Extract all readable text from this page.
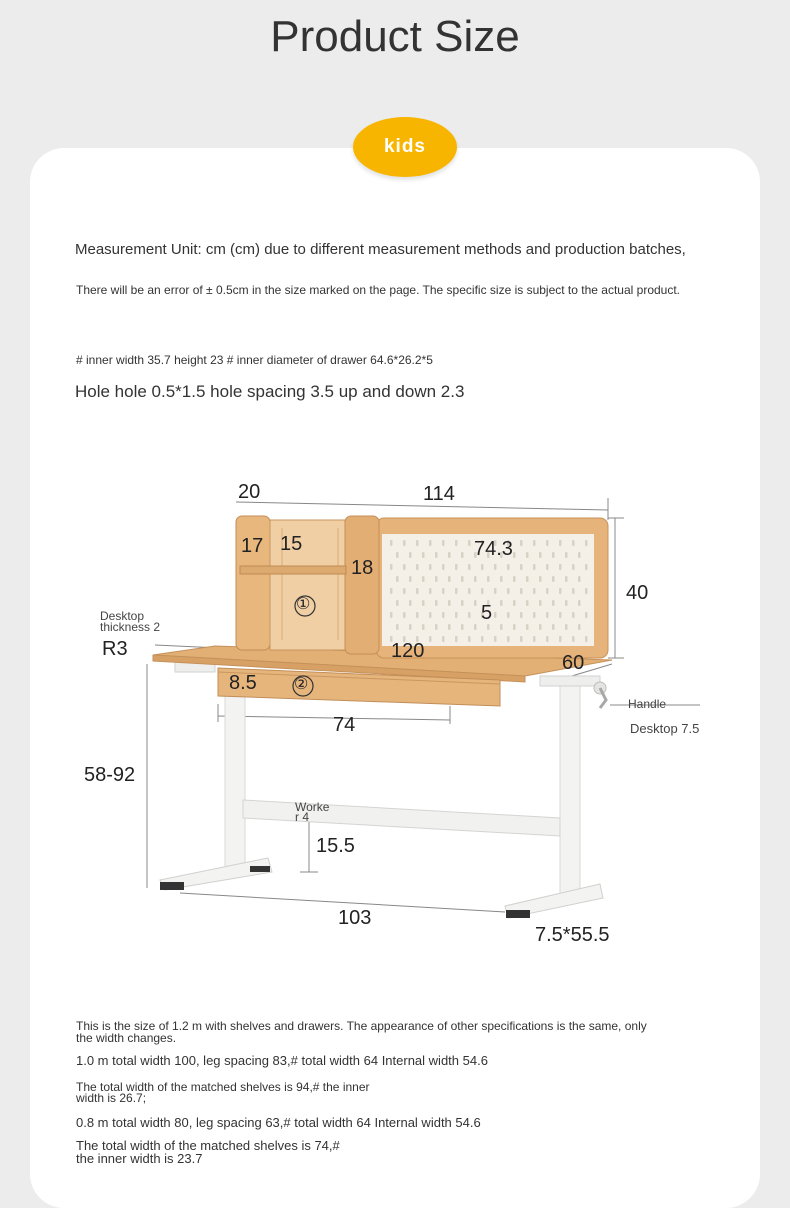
Product Size
kids
Measurement Unit: cm (cm) due to different measurement methods and production batches,
There will be an error of ± 0.5cm in the size marked on the page. The specific size is subject to the actual product.
# inner width 35.7 height 23 # inner diameter of drawer 64.6*26.2*5
Hole hole 0.5*1.5 hole spacing 3.5 up and down 2.3
20	114
17 15	74.3
18
40
5
120
60
R3
Desktop
thickness 2
8.5
74
Handle
Desktop 7.5
58-92
Worke
r 4
15.5
103
7.5*55.5
①
②
This is the size of 1.2 m with shelves and drawers. The appearance of other specifications is the same, only
the width changes.
1.0 m total width 100, leg spacing 83,# total width 64 Internal width 54.6
The total width of the matched shelves is 94,# the inner
width is 26.7;
0.8 m total width 80, leg spacing 63,# total width 64 Internal width 54.6
The total width of the matched shelves is 74,#
the inner width is 23.7
